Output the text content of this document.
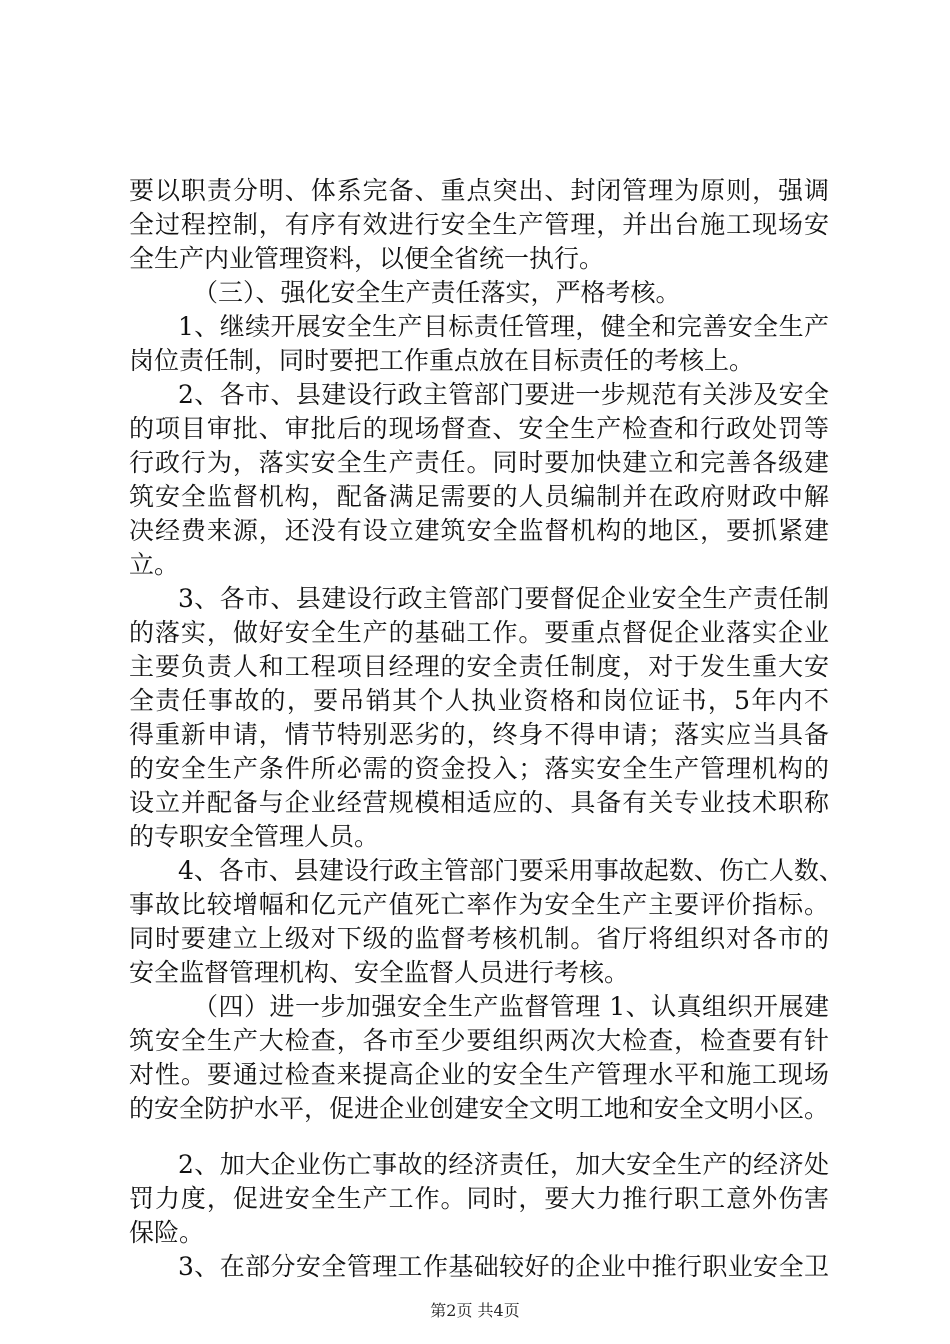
要以职责分明、体系完备、重点突出、封闭管理为原则，强调
全过程控制，有序有效进行安全生产管理，并出台施工现场安
全生产内业管理资料，以便全省统一执行。
（三）、强化安全生产责任落实，严格考核。
1、继续开展安全生产目标责任管理，健全和完善安全生产
岗位责任制，同时要把工作重点放在目标责任的考核上。
2、各市、县建设行政主管部门要进一步规范有关涉及安全
的项目审批、审批后的现场督查、安全生产检查和行政处罚等
行政行为，落实安全生产责任。同时要加快建立和完善各级建
筑安全监督机构，配备满足需要的人员编制并在政府财政中解
决经费来源，还没有设立建筑安全监督机构的地区，要抓紧建
立。
3、各市、县建设行政主管部门要督促企业安全生产责任制
的落实，做好安全生产的基础工作。要重点督促企业落实企业
主要负责人和工程项目经理的安全责任制度，对于发生重大安
全责任事故的，要吊销其个人执业资格和岗位证书，5年内不
得重新申请，情节特别恶劣的，终身不得申请；落实应当具备
的安全生产条件所必需的资金投入；落实安全生产管理机构的
设立并配备与企业经营规模相适应的、具备有关专业技术职称
的专职安全管理人员。
4、各市、县建设行政主管部门要采用事故起数、伤亡人数、
事故比较增幅和亿元产值死亡率作为安全生产主要评价指标。
同时要建立上级对下级的监督考核机制。省厅将组织对各市的
安全监督管理机构、安全监督人员进行考核。
（四）进一步加强安全生产监督管理 1、认真组织开展建
筑安全生产大检查，各市至少要组织两次大检查，检查要有针
对性。要通过检查来提高企业的安全生产管理水平和施工现场
的安全防护水平，促进企业创建安全文明工地和安全文明小区。
2、加大企业伤亡事故的经济责任，加大安全生产的经济处
罚力度，促进安全生产工作。同时，要大力推行职工意外伤害
保险。
3、在部分安全管理工作基础较好的企业中推行职业安全卫
第2页 共4页
